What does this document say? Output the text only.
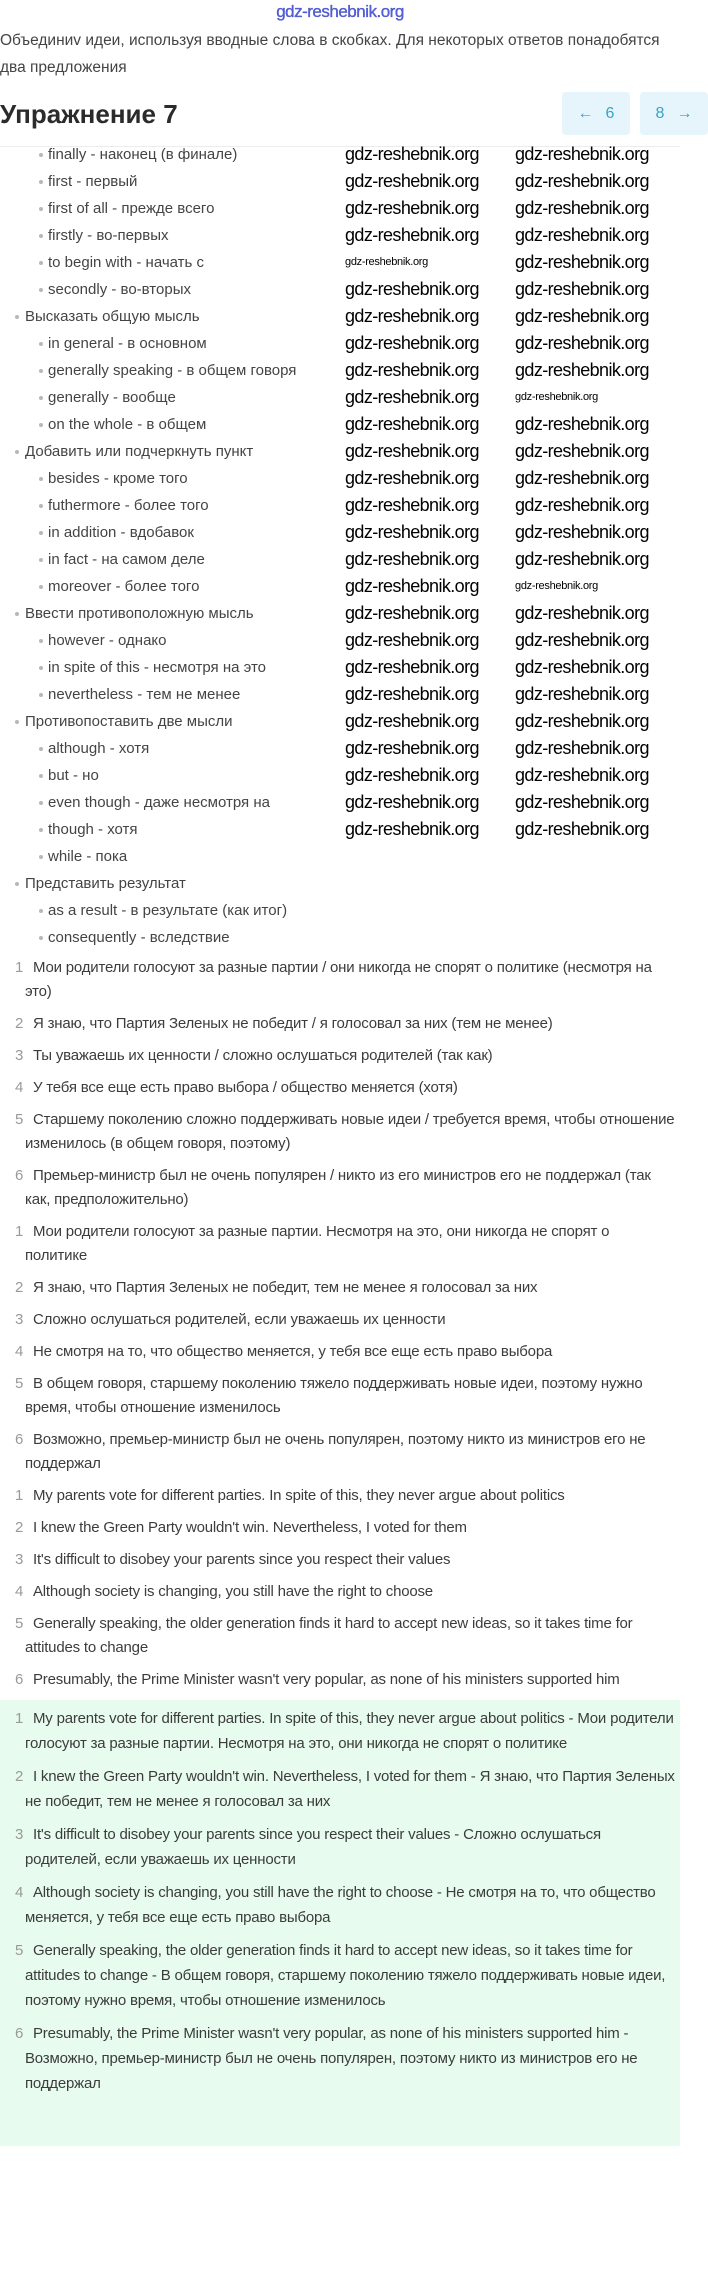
gdz-reshebnik.org
Объединиv идеи, используя вводные слова в скобках. Для некоторых ответов понадобятся два предложения
Упражнение 7	← 6	8 →
finally - наконец (в финале)
first - первый
first of all - прежде всего
firstly - во-первых
to begin with - начать с
secondly - во-вторых
Высказать общую мысль
in general - в основном
generally speaking - в общем говоря
generally - вообще
on the whole - в общем
Добавить или подчеркнуть пункт
besides - кроме того
futhermore - более того
in addition - вдобавок
in fact - на самом деле
moreover - более того
Ввести противоположную мысль
however - однако
in spite of this - несмотря на это
nevertheless - тем не менее
Противопоставить две мысли
although - хотя
but - но
even though - даже несмотря на
though - хотя
while - пока
Представить результат
as a result - в результате (как итог)
consequently - вследствие
1 Мои родители голосуют за разные партии / они никогда не спорят о политике (несмотря на это)
2 Я знаю, что Партия Зеленых не победит / я голосовал за них (тем не менее)
3 Ты уважаешь их ценности / сложно ослушаться родителей (так как)
4 У тебя все еще есть право выбора / общество меняется (хотя)
5 Старшему поколению сложно поддерживать новые идеи / требуется время, чтобы отношение изменилось (в общем говоря, поэтому)
6 Премьер-министр был не очень популярен / никто из его министров его не поддержал (так как, предположительно)
1 Мои родители голосуют за разные партии. Несмотря на это, они никогда не спорят о политике
2 Я знаю, что Партия Зеленых не победит, тем не менее я голосовал за них
3 Сложно ослушаться родителей, если уважаешь их ценности
4 Не смотря на то, что общество меняется, у тебя все еще есть право выбора
5 В общем говоря, старшему поколению тяжело поддерживать новые идеи, поэтому нужно время, чтобы отношение изменилось
6 Возможно, премьер-министр был не очень популярен, поэтому никто из министров его не поддержал
1 My parents vote for different parties. In spite of this, they never argue about politics
2 I knew the Green Party wouldn't win. Nevertheless, I voted for them
3 It's difficult to disobey your parents since you respect their values
4 Although society is changing, you still have the right to choose
5 Generally speaking, the older generation finds it hard to accept new ideas, so it takes time for attitudes to change
6 Presumably, the Prime Minister wasn't very popular, as none of his ministers supported him
1 My parents vote for different parties. In spite of this, they never argue about politics - Мои родители голосуют за разные партии. Несмотря на это, они никогда не спорят о политике
2 I knew the Green Party wouldn't win. Nevertheless, I voted for them - Я знаю, что Партия Зеленых не победит, тем не менее я голосовал за них
3 It's difficult to disobey your parents since you respect their values - Сложно ослушаться родителей, если уважаешь их ценности
4 Although society is changing, you still have the right to choose - Не смотря на то, что общество меняется, у тебя все еще есть право выбора
5 Generally speaking, the older generation finds it hard to accept new ideas, so it takes time for attitudes to change - В общем говоря, старшему поколению тяжело поддерживать новые идеи, поэтому нужно время, чтобы отношение изменилось
6 Presumably, the Prime Minister wasn't very popular, as none of his ministers supported him - Возможно, премьер-министр был не очень популярен, поэтому никто из министров его не поддержал
gdz-reshebnik.org gdz-reshebnik.org
gdz-reshebnik.org gdz-reshebnik.org
gdz-reshebnik.org gdz-reshebnik.org
gdz-reshebnik.org gdz-reshebnik.org
gdz-reshebnik.org	gdz-reshebnik.org
gdz-reshebnik.org gdz-reshebnik.org
gdz-reshebnik.org gdz-reshebnik.org
gdz-reshebnik.org gdz-reshebnik.org
gdz-reshebnik.org gdz-reshebnik.org
gdz-reshebnik.org	gdz-reshebnik.org
gdz-reshebnik.org gdz-reshebnik.org
gdz-reshebnik.org gdz-reshebnik.org
gdz-reshebnik.org gdz-reshebnik.org
gdz-reshebnik.org gdz-reshebnik.org
gdz-reshebnik.org gdz-reshebnik.org
gdz-reshebnik.org gdz-reshebnik.org
gdz-reshebnik.org	gdz-reshebnik.org
gdz-reshebnik.org gdz-reshebnik.org
gdz-reshebnik.org gdz-reshebnik.org
gdz-reshebnik.org gdz-reshebnik.org
gdz-reshebnik.org gdz-reshebnik.org
gdz-reshebnik.org gdz-reshebnik.org
gdz-reshebnik.org gdz-reshebnik.org
gdz-reshebnik.org gdz-reshebnik.org
gdz-reshebnik.org gdz-reshebnik.org
gdz-reshebnik.org gdz-reshebnik.org
